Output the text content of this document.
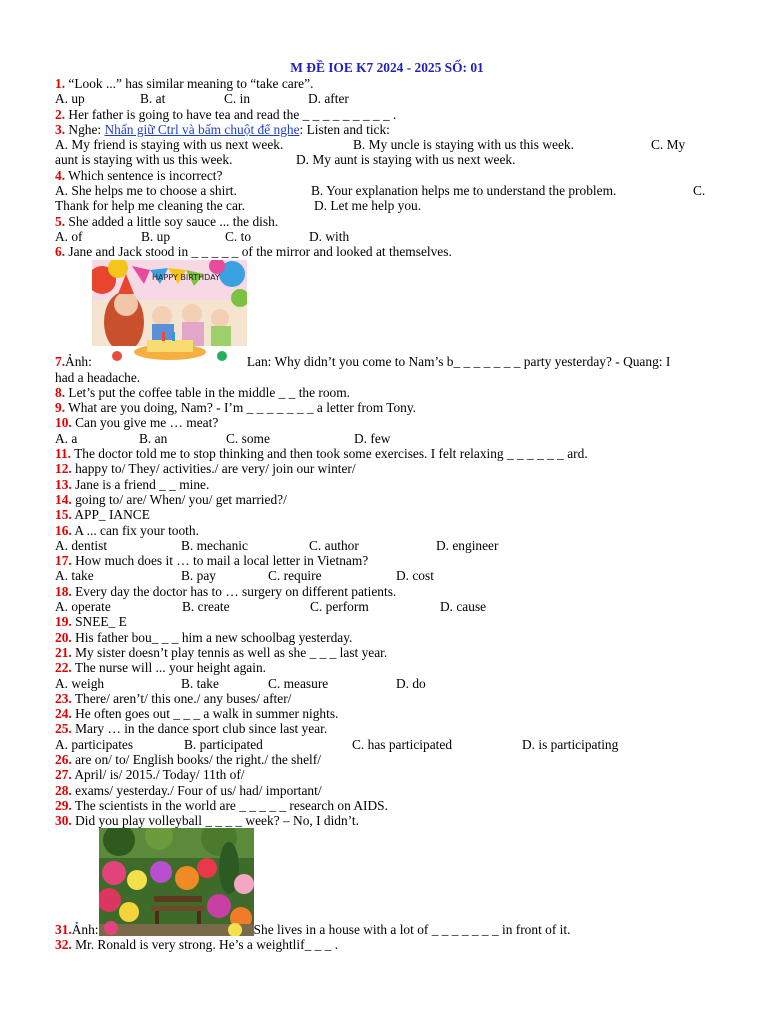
M ĐỀ IOE K7 2024 - 2025 SỐ: 01
1. “Look ...” has similar meaning to “take care”.
A. up	B. at	C. in	D. after
2. Her father is going to have tea and read the _ _ _ _ _ _ _ _ _ .
3. Nghe: Nhấn giữ Ctrl và bấm chuột để nghe: Listen and tick:
A. My friend is staying with us next week.	B. My uncle is staying with us this week.	C. My
aunt is staying with us this week.	D. My aunt is staying with us next week.
4. Which sentence is incorrect?
A. She helps me to choose a shirt.	B. Your explanation helps me to understand the problem.	C.
Thank for help me cleaning the car.	D. Let me help you.
5. She added a little soy sauce ... the dish.
A. of	B. up	C. to	D. with
6. Jane and Jack stood in _ _ _ _ _ of the mirror and looked at themselves.
7. Ảnh:
HAPPY BIRTHDAY
Lan: Why didn’t you come to Nam’s b_ _ _ _ _ _ _ party yesterday? - Quang: I
had a headache.
8. Let’s put the coffee table in the middle _ _ the room.
9. What are you doing, Nam? - I’m _ _ _ _ _ _ _ a letter from Tony.
10. Can you give me … meat?
A. a	B. an	C. some	D. few
11. The doctor told me to stop thinking and then took some exercises. I felt relaxing _ _ _ _ _ _ ard.
12. happy to/ They/ activities./ are very/ join our winter/
13. Jane is a friend _ _ mine.
14. going to/ are/ When/ you/ get married?/
15. APP_ IANCE
16. A ... can fix your tooth.
A. dentist	B. mechanic	C. author	D. engineer
17. How much does it … to mail a local letter in Vietnam?
A. take	B. pay	C. require	D. cost
18. Every day the doctor has to … surgery on different patients.
A. operate	B. create	C. perform	D. cause
19. SNEE_ E
20. His father bou_ _ _ him a new schoolbag yesterday.
21. My sister doesn’t play tennis as well as she _ _ _ last year.
22. The nurse will ... your height again.
A. weigh	B. take	C. measure	D. do
23. There/ aren’t/ this one./ any buses/ after/
24. He often goes out _ _ _ a walk in summer nights.
25. Mary … in the dance sport club since last year.
A. participates	B. participated	C. has participated	D. is participating
26. are on/ to/ English books/ the right./ the shelf/
27. April/ is/ 2015./ Today/ 11th of/
28. exams/ yesterday./ Four of us/ had/ important/
29. The scientists in the world are _ _ _ _ _ research on AIDS.
30. Did you play volleyball _ _ _ _ week? – No, I didn’t.
31. Ảnh:	She lives in a house with a lot of _ _ _ _ _ _ _ in front of it.
32. Mr. Ronald is very strong. He’s a weightlif_ _ _ .
